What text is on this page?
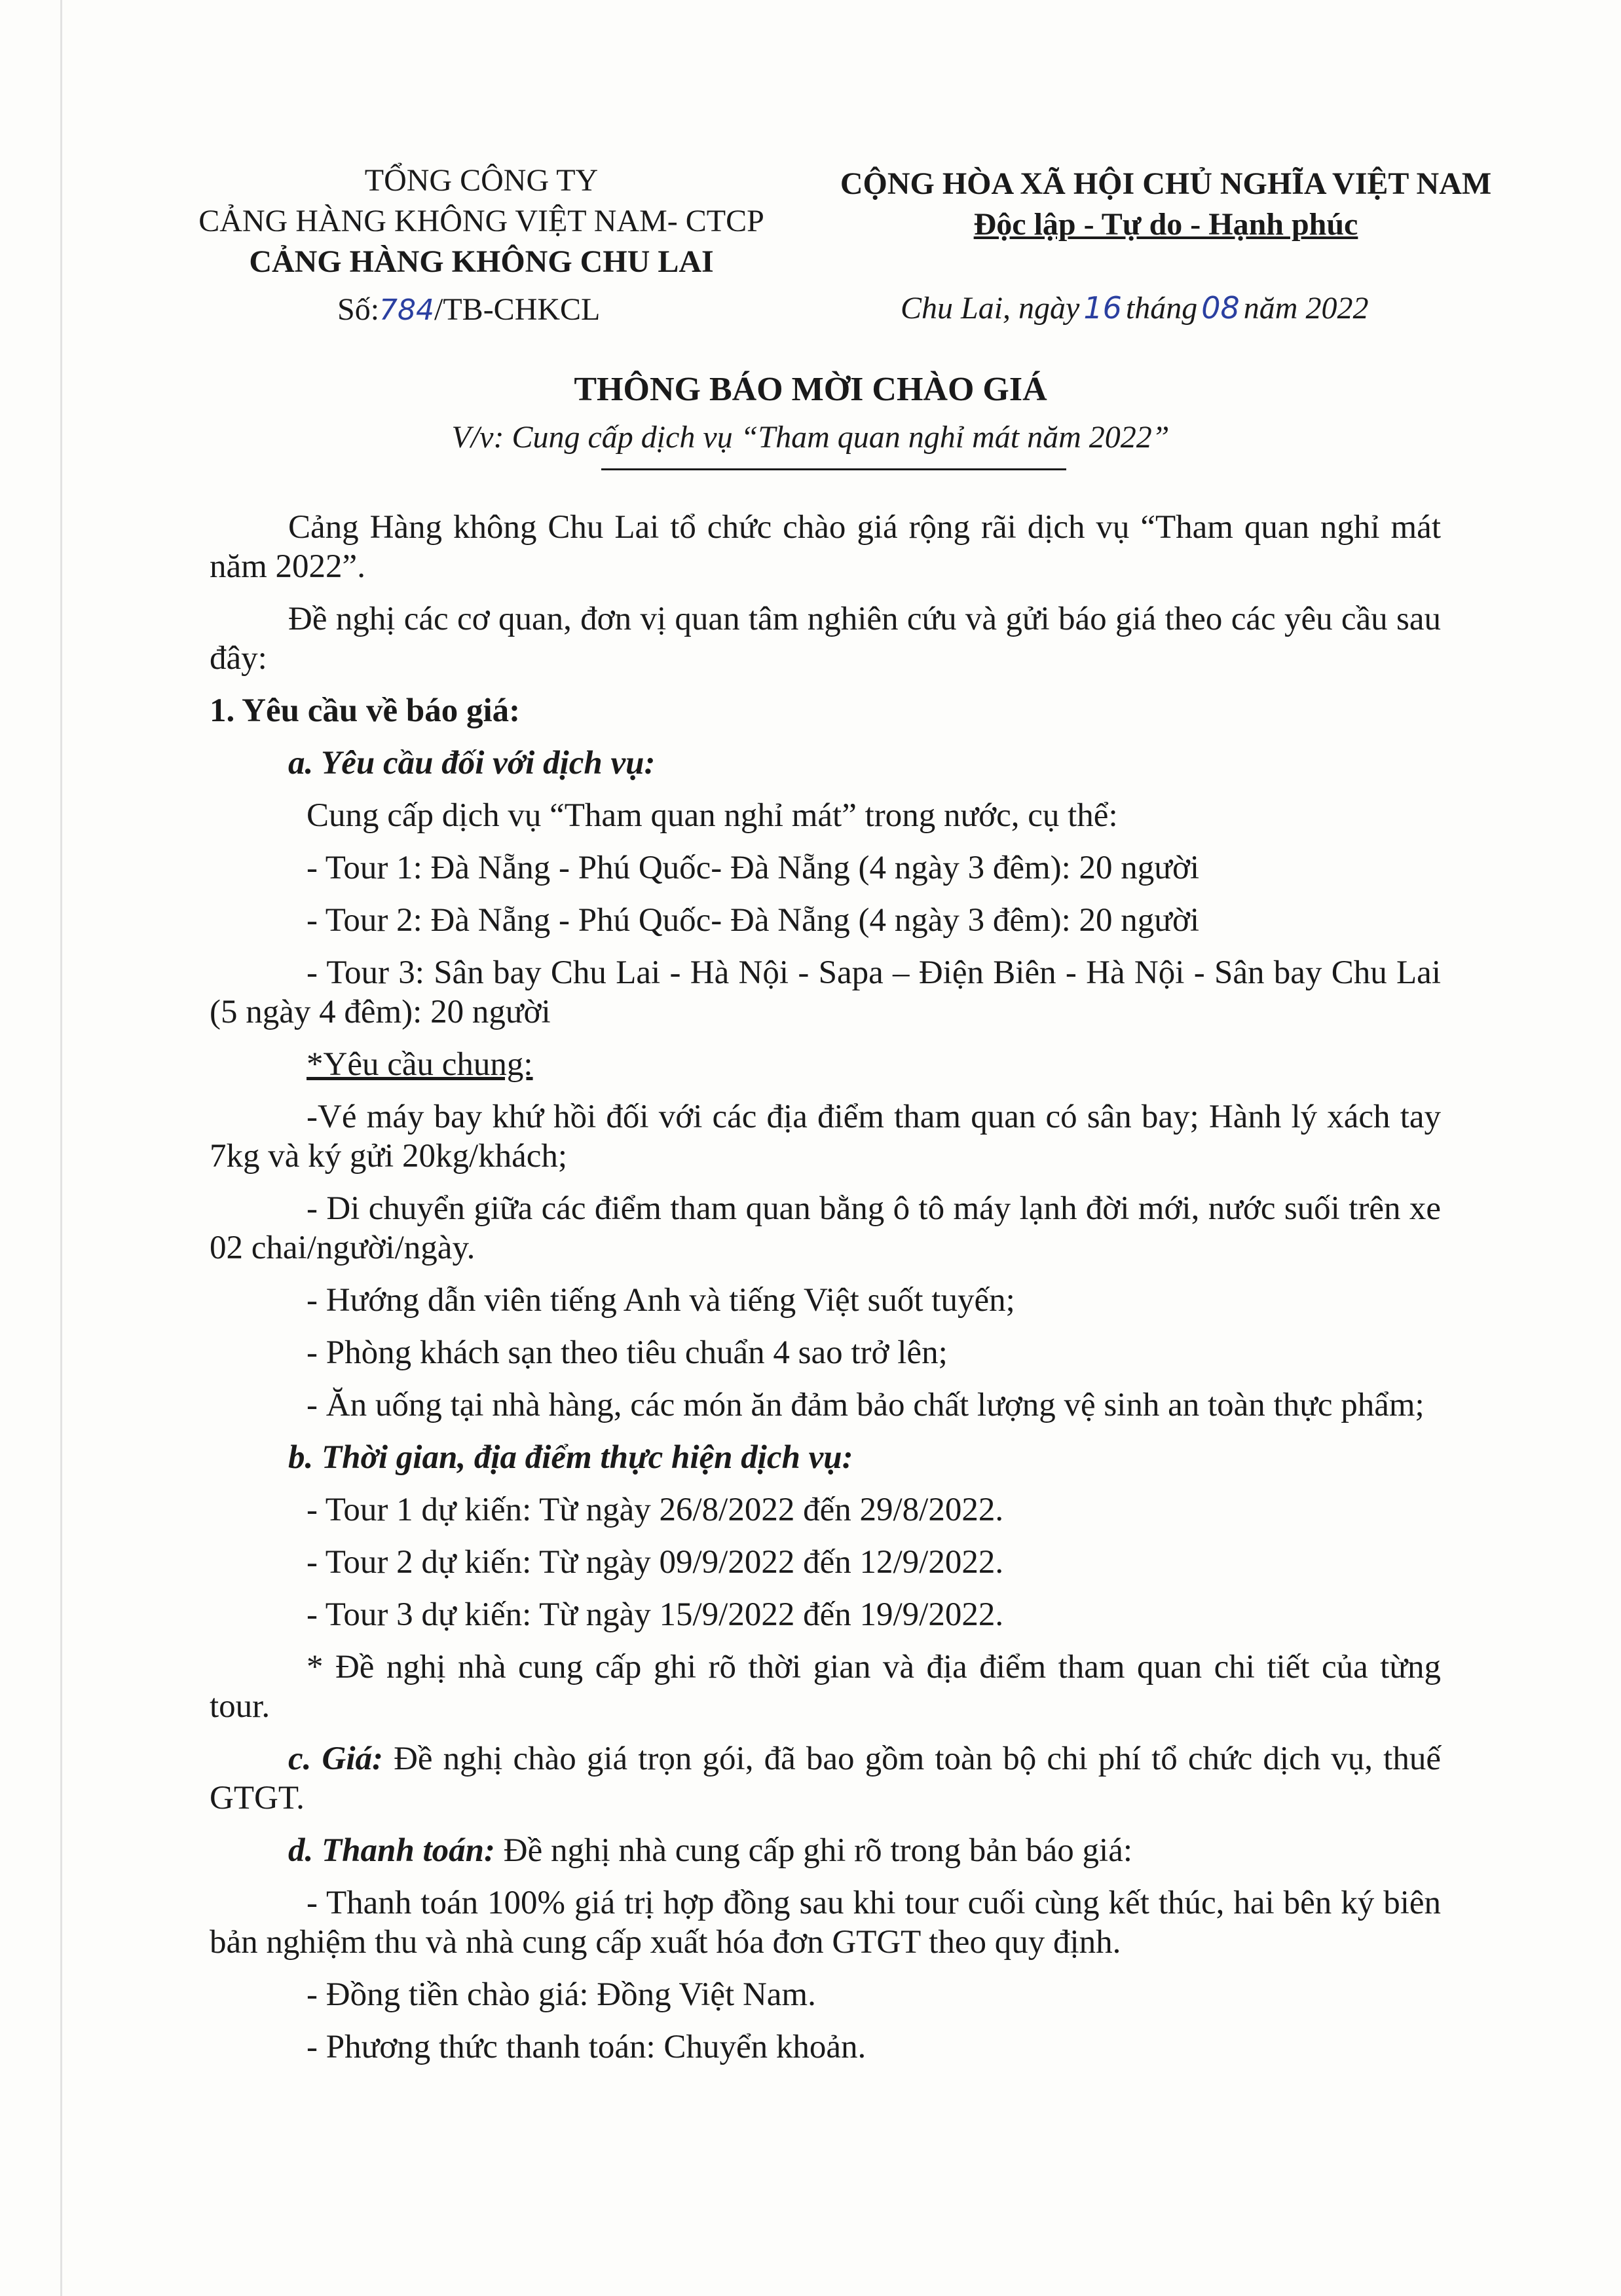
TỔNG CÔNG TY
CẢNG HÀNG KHÔNG VIỆT NAM- CTCP
CẢNG HÀNG KHÔNG CHU LAI
CỘNG HÒA XÃ HỘI CHỦ NGHĨA VIỆT NAM
Độc lập - Tự do - Hạnh phúc
Số:784/TB-CHKCL	Chu Lai, ngày 16 tháng 08 năm 2022
THÔNG BÁO MỜI CHÀO GIÁ
V/v: Cung cấp dịch vụ “Tham quan nghỉ mát năm 2022”

Cảng Hàng không Chu Lai tổ chức chào giá rộng rãi dịch vụ “Tham quan nghỉ mát năm 2022”.

Đề nghị các cơ quan, đơn vị quan tâm nghiên cứu và gửi báo giá theo các yêu cầu sau đây:

1. Yêu cầu về báo giá:

a. Yêu cầu đối với dịch vụ:

Cung cấp dịch vụ “Tham quan nghỉ mát” trong nước, cụ thể:

- Tour 1: Đà Nẵng - Phú Quốc- Đà Nẵng (4 ngày 3 đêm): 20 người

- Tour 2: Đà Nẵng - Phú Quốc- Đà Nẵng (4 ngày 3 đêm): 20 người

- Tour 3: Sân bay Chu Lai - Hà Nội - Sapa – Điện Biên - Hà Nội - Sân bay Chu Lai (5 ngày 4 đêm): 20 người

*Yêu cầu chung:

-Vé máy bay khứ hồi đối với các địa điểm tham quan có sân bay; Hành lý xách tay 7kg và ký gửi 20kg/khách;

- Di chuyển giữa các điểm tham quan bằng ô tô máy lạnh đời mới, nước suối trên xe 02 chai/người/ngày.

- Hướng dẫn viên tiếng Anh và tiếng Việt suốt tuyến;

- Phòng khách sạn theo tiêu chuẩn 4 sao trở lên;

- Ăn uống tại nhà hàng, các món ăn đảm bảo chất lượng vệ sinh an toàn thực phẩm;

b. Thời gian, địa điểm thực hiện dịch vụ:

- Tour 1 dự kiến: Từ ngày 26/8/2022 đến 29/8/2022.

- Tour 2 dự kiến: Từ ngày 09/9/2022 đến 12/9/2022.

- Tour 3 dự kiến: Từ ngày 15/9/2022 đến 19/9/2022.

* Đề nghị nhà cung cấp ghi rõ thời gian và địa điểm tham quan chi tiết của từng tour.

c. Giá: Đề nghị chào giá trọn gói, đã bao gồm toàn bộ chi phí tổ chức dịch vụ, thuế GTGT.

d. Thanh toán: Đề nghị nhà cung cấp ghi rõ trong bản báo giá:

- Thanh toán 100% giá trị hợp đồng sau khi tour cuối cùng kết thúc, hai bên ký biên bản nghiệm thu và nhà cung cấp xuất hóa đơn GTGT theo quy định.

- Đồng tiền chào giá: Đồng Việt Nam.

- Phương thức thanh toán: Chuyển khoản.
